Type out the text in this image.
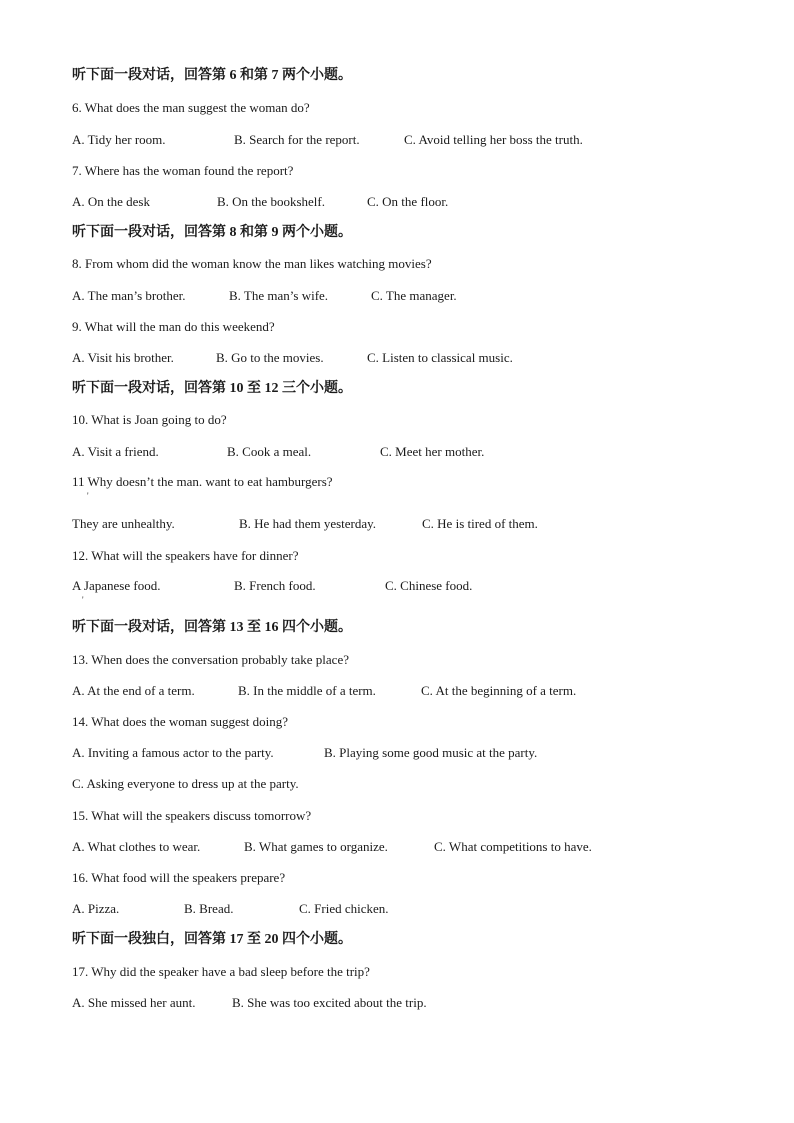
听下面一段对话，回答第 6 和第 7 两个小题。
6. What does the man suggest the woman do?
A. Tidy her room.	B. Search for the report.	C. Avoid telling her boss the truth.
7. Where has the woman found the report?
A. On the desk	B. On the bookshelf.	C. On the floor.
听下面一段对话，回答第 8 和第 9 两个小题。
8. From whom did the woman know the man likes watching movies?
A. The man’s brother.	B. The man’s wife.	C. The manager.
9. What will the man do this weekend?
A. Visit his brother.	B. Go to the movies.	C. Listen to classical music.
听下面一段对话，回答第 10 至 12 三个小题。
10. What is Joan going to do?
A. Visit a friend.	B. Cook a meal.	C. Meet her mother.
11 Why doesn’t the man. want to eat hamburgers?
'
They are unhealthy.	B. He had them yesterday.	C. He is tired of them.
12. What will the speakers have for dinner?
A Japanese food.	B. French food.	C. Chinese food.
'
听下面一段对话，回答第 13 至 16 四个小题。
13. When does the conversation probably take place?
A. At the end of a term.	B. In the middle of a term.	C. At the beginning of a term.
14. What does the woman suggest doing?
A. Inviting a famous actor to the party.	B. Playing some good music at the party.
C. Asking everyone to dress up at the party.
15. What will the speakers discuss tomorrow?
A. What clothes to wear.	B. What games to organize.	C. What competitions to have.
16. What food will the speakers prepare?
A. Pizza.	B. Bread.	C. Fried chicken.
听下面一段独白，回答第 17 至 20 四个小题。
17. Why did the speaker have a bad sleep before the trip?
A. She missed her aunt.	B. She was too excited about the trip.
